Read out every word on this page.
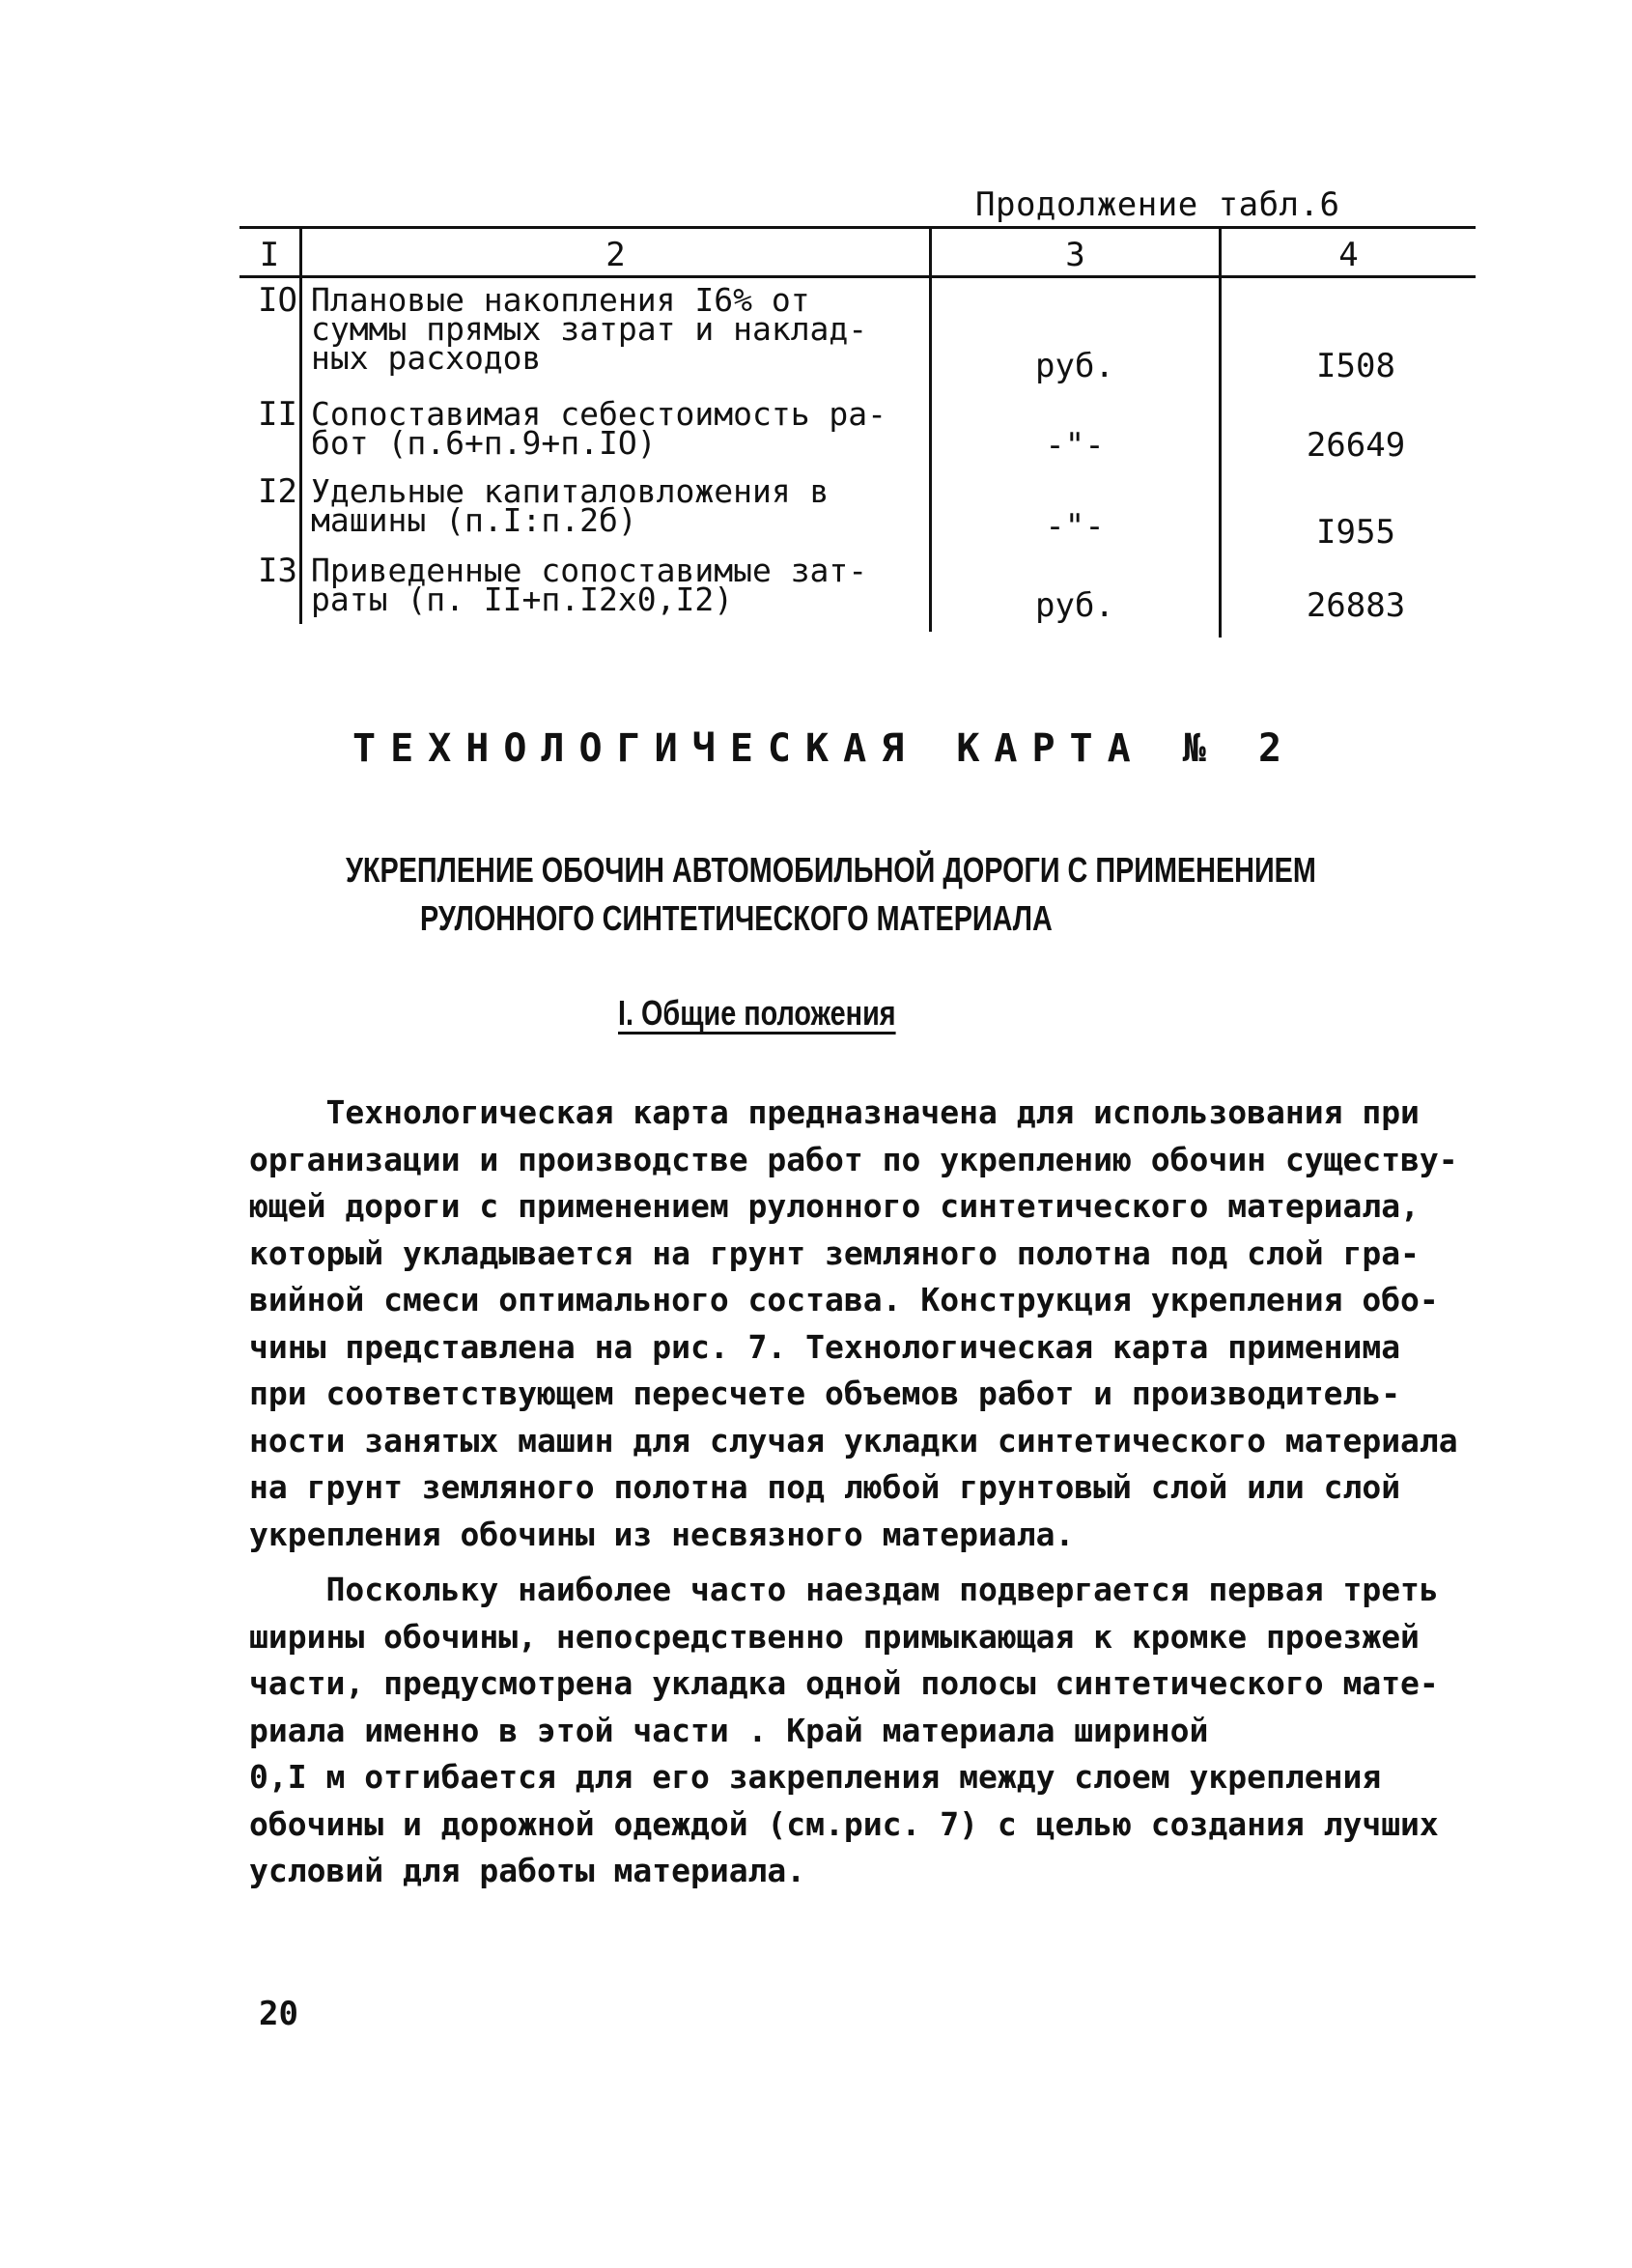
Продолжение табл.6
I	2	3	4
IO Плановые накопления I6% от
суммы прямых затрат и наклад-
ных расходов	руб.	I508
II Сопоставимая себестоимость ра-
бот (п.6+п.9+п.IO)	-"-	26649
I2 Удельные капиталовложения в
машины (п.I:п.2б)	-"-	I955
I3 Приведенные сопоставимые зат-
раты (п. II+п.I2x0,I2)	руб.	26883
ТЕХНОЛОГИЧЕСКАЯ КАРТА № 2
УКРЕПЛЕНИЕ ОБОЧИН АВТОМОБИЛЬНОЙ ДОРОГИ С ПРИМЕНЕНИЕМ
РУЛОННОГО СИНТЕТИЧЕСКОГО МАТЕРИАЛА
I. Общие положения
Технологическая карта предназначена для использования при
организации и производстве работ по укреплению обочин существу-
ющей дороги с применением рулонного синтетического материала,
который укладывается на грунт земляного полотна под слой гра-
вийной смеси оптимального состава. Конструкция укрепления обо-
чины представлена на рис. 7. Технологическая карта применима
при соответствующем пересчете объемов работ и производитель-
ности занятых машин для случая укладки синтетического материала
на грунт земляного полотна под любой грунтовый слой или слой
укрепления обочины из несвязного материала.
Поскольку наиболее часто наездам подвергается первая треть
ширины обочины, непосредственно примыкающая к кромке проезжей
части, предусмотрена укладка одной полосы синтетического мате-
риала именно в этой части . Край материала шириной
0,I м отгибается для его закрепления между слоем укрепления
обочины и дорожной одеждой (см.рис. 7) с целью создания лучших
условий для работы материала.
20
